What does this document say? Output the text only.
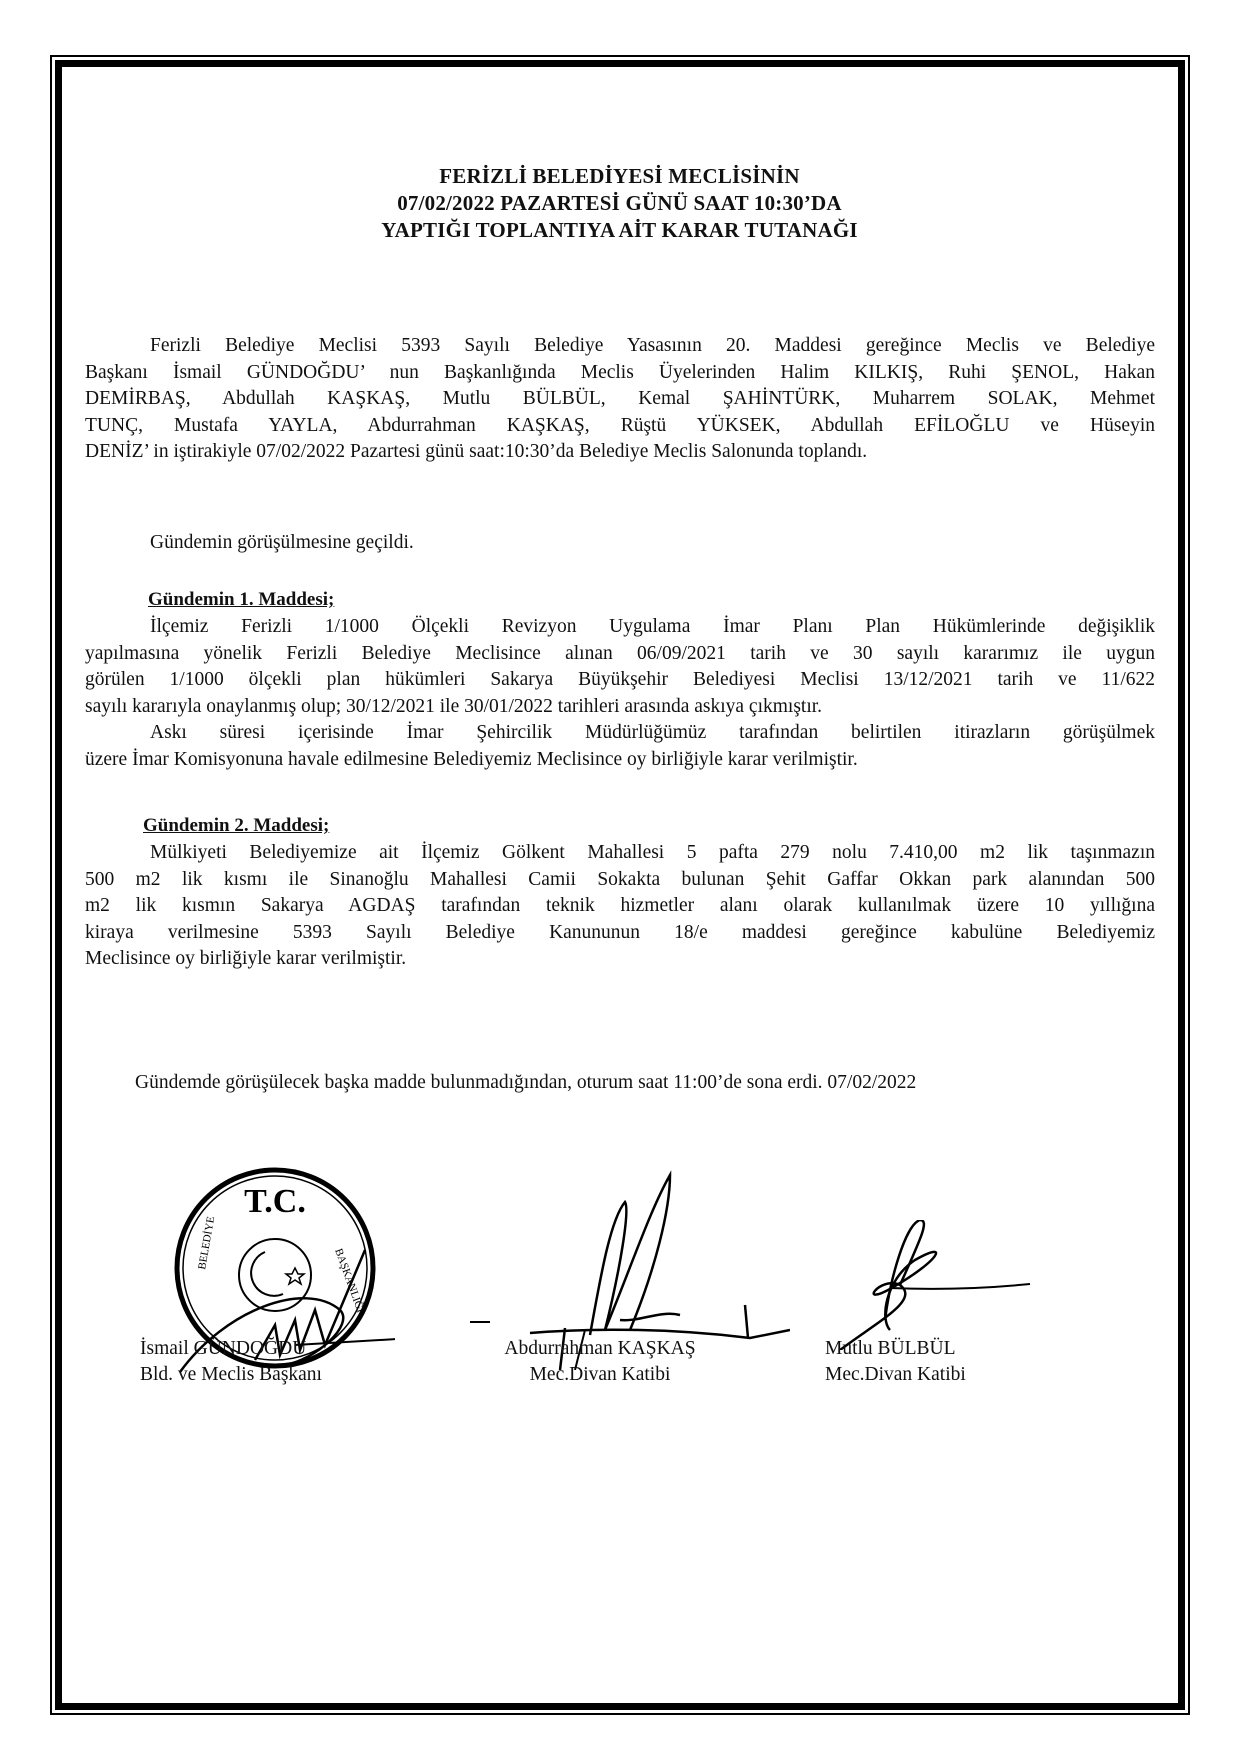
FERİZLİ BELEDİYESİ MECLİSİNİN
07/02/2022 PAZARTESİ GÜNÜ SAAT 10:30’DA
YAPTIĞI TOPLANTIYA AİT KARAR TUTANAĞI
Ferizli Belediye Meclisi 5393 Sayılı Belediye Yasasının 20. Maddesi gereğince Meclis ve Belediye
Başkanı İsmail GÜNDOĞDU’ nun Başkanlığında Meclis Üyelerinden Halim KILKIŞ, Ruhi ŞENOL, Hakan
DEMİRBAŞ, Abdullah KAŞKAŞ, Mutlu BÜLBÜL, Kemal ŞAHİNTÜRK, Muharrem SOLAK, Mehmet
TUNÇ, Mustafa YAYLA, Abdurrahman KAŞKAŞ, Rüştü YÜKSEK, Abdullah EFİLOĞLU ve Hüseyin
DENİZ’ in iştirakiyle 07/02/2022 Pazartesi günü saat:10:30’da Belediye Meclis Salonunda toplandı.
Gündemin görüşülmesine geçildi.
Gündemin 1. Maddesi;
İlçemiz Ferizli 1/1000 Ölçekli Revizyon Uygulama İmar Planı Plan Hükümlerinde değişiklik
yapılmasına yönelik Ferizli Belediye Meclisince alınan 06/09/2021 tarih ve 30 sayılı kararımız ile uygun
görülen 1/1000 ölçekli plan hükümleri Sakarya Büyükşehir Belediyesi Meclisi 13/12/2021 tarih ve 11/622
sayılı kararıyla onaylanmış olup; 30/12/2021 ile 30/01/2022 tarihleri arasında askıya çıkmıştır.
Askı süresi içerisinde İmar Şehircilik Müdürlüğümüz tarafından belirtilen itirazların görüşülmek
üzere İmar Komisyonuna havale edilmesine Belediyemiz Meclisince oy birliğiyle karar verilmiştir.
Gündemin 2. Maddesi;
Mülkiyeti Belediyemize ait İlçemiz Gölkent Mahallesi 5 pafta 279 nolu 7.410,00 m2 lik taşınmazın
500 m2 lik kısmı ile Sinanoğlu Mahallesi Camii Sokakta bulunan Şehit Gaffar Okkan park alanından 500
m2 lik kısmın Sakarya AGDAŞ tarafından teknik hizmetler alanı olarak kullanılmak üzere 10 yıllığına
kiraya verilmesine 5393 Sayılı Belediye Kanununun 18/e maddesi gereğince kabulüne Belediyemiz
Meclisince oy birliğiyle karar verilmiştir.
Gündemde görüşülecek başka madde bulunmadığından, oturum saat 11:00’de sona erdi. 07/02/2022
T.C.
BELEDİYE
BAŞKANLIĞI
İsmail GÜNDOĞDU
Bld. ve Meclis Başkanı
Abdurrahman KAŞKAŞ
Mec.Divan Katibi
Mutlu BÜLBÜL
Mec.Divan Katibi
